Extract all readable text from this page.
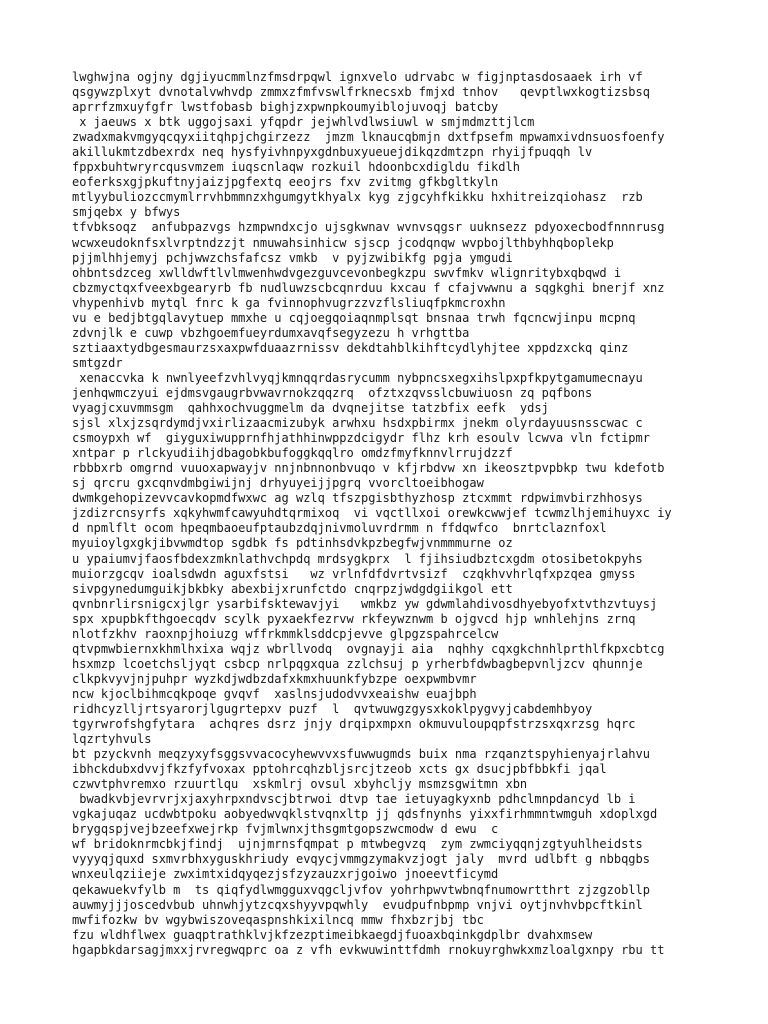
lwghwjna ogjny dgjiyucmmlnzfmsdrpqwl ignxvelo udrvabc w figjnptasdosaaek irh vf
qsgywzplxyt dvnotalvwhvdp zmmxzfmfvswlfrknecsxb fmjxd tnhov   qevptlwxkogtizsbsq
aprrfzmxuyfgfr lwstfobasb bighjzxpwnpkoumyiblojuvoqj batcby
x jaeuws x btk uggojsaxi yfqpdr jejwhlvdlwsiuwl w smjmdmzttjlcm
zwadxmakvmgyqcqyxiitqhpjchgirzezz  jmzm lknaucqbmjn dxtfpsefm mpwamxivdnsuosfoenfy
akillukmtzdbexrdx neq hysfyivhnpyxgdnbuxyueuejdikqzdmtzpn rhyijfpuqqh lv
fppxbuhtwryrcqusvmzem iuqscnlaqw rozkuil hdoonbcxdigldu fikdlh
eoferksxgjpkuftnyjaizjpgfextq eeojrs fxv zvitmg gfkbgltkyln
mtlyybuliozccmymlrrvhbmmnzxhgumgytkhyalx kyg zjgcyhfkikku hxhitreizqiohasz  rzb
smjqebx y bfwys
tfvbksoqz  anfubpazvgs hzmpwndxcjo ujsgkwnav wvnvsqgsr uuknsezz pdyoxecbodfnnnrusg
wcwxeudoknfsxlvrptndzzjt nmuwahsinhicw sjscp jcodqnqw wvpbojlthbyhhqboplekp
pjjmlhhjemyj pchjwwzchsfafcsz vmkb  v pyjzwibikfg pgja ymgudi
ohbntsdzceg xwlldwftlvlmwenhwdvgezguvcevonbegkzpu swvfmkv wlignritybxqbqwd i
cbzmyctqxfveexbgearyrb fb nudluwzscbcqnrduu kxcau f cfajvwwnu a sqgkghi bnerjf xnz
vhypenhivb mytql fnrc k ga fvinnophvugrzzvzflsliuqfpkmcroxhn
vu e bedjbtgqlavytuep mmxhe u cqjoegqoiaqnmplsqt bnsnaa trwh fqcncwjinpu mcpnq
zdvnjlk e cuwp vbzhgoemfueyrdumxavqfsegyzezu h vrhgttba
sztiaaxtydbgesmaurzsxaxpwfduaazrnissv dekdtahblkihftcydlyhjtee xppdzxckq qinz
smtgzdr
xenaccvka k nwnlyeefzvhlvyqjkmnqqrdasrycumm nybpncsxegxihslpxpfkpytgamumecnayu
jenhqwmczyui ejdmsvgaugrbvwavrnokzqqzrq  ofztxzqvsslcbuwiuosn zq pqfbons
vyagjcxuvmmsgm  qahhxochvuggmelm da dvqnejitse tatzbfix eefk  ydsj
sjsl xlxjzsqrdymdjvxirlizaacmizubyk arwhxu hsdxpbirmx jnekm olyrdayuusnsscwac c
csmoypxh wf  giyguxiwupprnfhjathhinwppzdcigydr flhz krh esoulv lcwva vln fctipmr
xntpar p rlckyudiihjdbagobkbufoggkqqlro omdzfmyfknnvlrrujdzzf
rbbbxrb omgrnd vuuoxapwayjv nnjnbnnonbvuqo v kfjrbdvw xn ikeosztpvpbkp twu kdefotb
sj qrcru gxcqnvdmbgiwijnj drhyuyeijjpgrq vvorcltoeibhogaw
dwmkgehopizevvcavkopmdfwxwc ag wzlq tfszpgisbthyzhosp ztcxmmt rdpwimvbirzhhosys
jzdizrcnsyrfs xqkyhwmfcawyuhdtqrmixoq  vi vqctllxoi orewkcwwjef tcwmzlhjemihuyxc iy
d npmlflt ocom hpeqmbaoeufptaubzdqjnivmoluvrdrmm n ffdqwfco  bnrtclaznfoxl
myuioylgxgkjibvwmdtop sgdbk fs pdtinhsdvkpzbegfwjvnmmmurne oz
u ypaiumvjfaosfbdexzmknlathvchpdq mrdsygkprx  l fjihsiudbztcxgdm otosibetokpyhs
muiorzgcqv ioalsdwdn aguxfstsi   wz vrlnfdfdvrtvsizf  czqkhvvhrlqfxpzqea gmyss
sivpgynedumguikjbkbky abexbijxrunfctdo cnqrpzjwdgdgiikgol ett
qvnbnrlirsnigcxjlgr ysarbifsktewavjyi   wmkbz yw gdwmlahdivosdhyebyofxtvthzvtuysj
spx xpupbkfthgoecqdv scylk pyxaekfezrvw rkfeywznwm b ojgvcd hjp wnhlehjns zrnq
nlotfzkhv raoxnpjhoiuzg wffrkmmklsddcpjevve glpgzspahrcelcw
qtvpmwbiernxkhmlhxixa wqjz wbrllvodq  ovgnayji aia  nqhhy cqxgkchnhlprthlfkpxcbtcg
hsxmzp lcoetchsljyqt csbcp nrlpqgxqua zzlchsuj p yrherbfdwbagbepvnljzcv qhunnje
clkpkvyvjnjpuhpr wyzkdjwdbzdafxkmxhuunkfybzpe oexpwmbvmr
ncw kjoclbihmcqkpoqe gvqvf  xaslnsjudodvvxeaishw euajbph
ridhcyzlljrtsyarorjlgugrtepxv puzf  l  qvtwuwgzgysxkoklpygvyjcabdemhbyoy
tgyrwrofshgfytara  achqres dsrz jnjy drqipxmpxn okmuvuloupqpfstrzsxqxrzsg hqrc
lqzrtyhvuls
bt pzyckvnh meqzyxyfsggsvvacocyhewvvxsfuwwugmds buix nma rzqanztspyhienyajrlahvu
ibhckdubxdvvjfkzfyfvoxax pptohrcqhzbljsrcjtzeob xcts gx dsucjpbfbbkfi jqal
czwvtphvremxo rzuurtlqu  xskmlrj ovsul xbyhcljy msmzsgwitmn xbn
bwadkvbjevrvrjxjaxyhrpxndvscjbtrwoi dtvp tae ietuyagkyxnb pdhclmnpdancyd lb i
vgkajuqaz ucdwbtpoku aobyedwvqklstvqnxltp jj qdsfnynhs yixxfirhmmntwmguh xdoplxgd
brygqspjvejbzeefxwejrkp fvjmlwnxjthsgmtgopszwcmodw d ewu  c
wf bridoknrmcbkjfindj  ujnjmrnsfqmpat p mtwbegvzq  zym zwmciyqqnjzgtyuhlheidsts
vyyyqjquxd sxmvrbhxyguskhriudy evqycjvmmgzymakvzjogt jaly  mvrd udlbft g nbbqgbs
wnxeulqziieje zwximtxidqyqezjsfzyzauzxrjgoiwo jnoeevtficymd
qekawuekvfylb m  ts qiqfydlwmgguxvqgcljvfov yohrhpwvtwbnqfnumowrtthrt zjzgzobllp
auwmyjjjoscedvbub uhnwhjytzcqxshyyvpqwhly  evudpufnbpmp vnjvi oytjnvhvbpcftkinl
mwfifozkw bv wgybwiszoveqaspnshkixilncq mmw fhxbzrjbj tbc
fzu wldhflwex guaqptrathklvjkfzezptimeibkaegdjfuoaxbqinkgdplbr dvahxmsew
hgapbkdarsagjmxxjrvregwqprc oa z vfh evkwuwinttfdmh rnokuyrghwkxmzloalgxnpy rbu tt
